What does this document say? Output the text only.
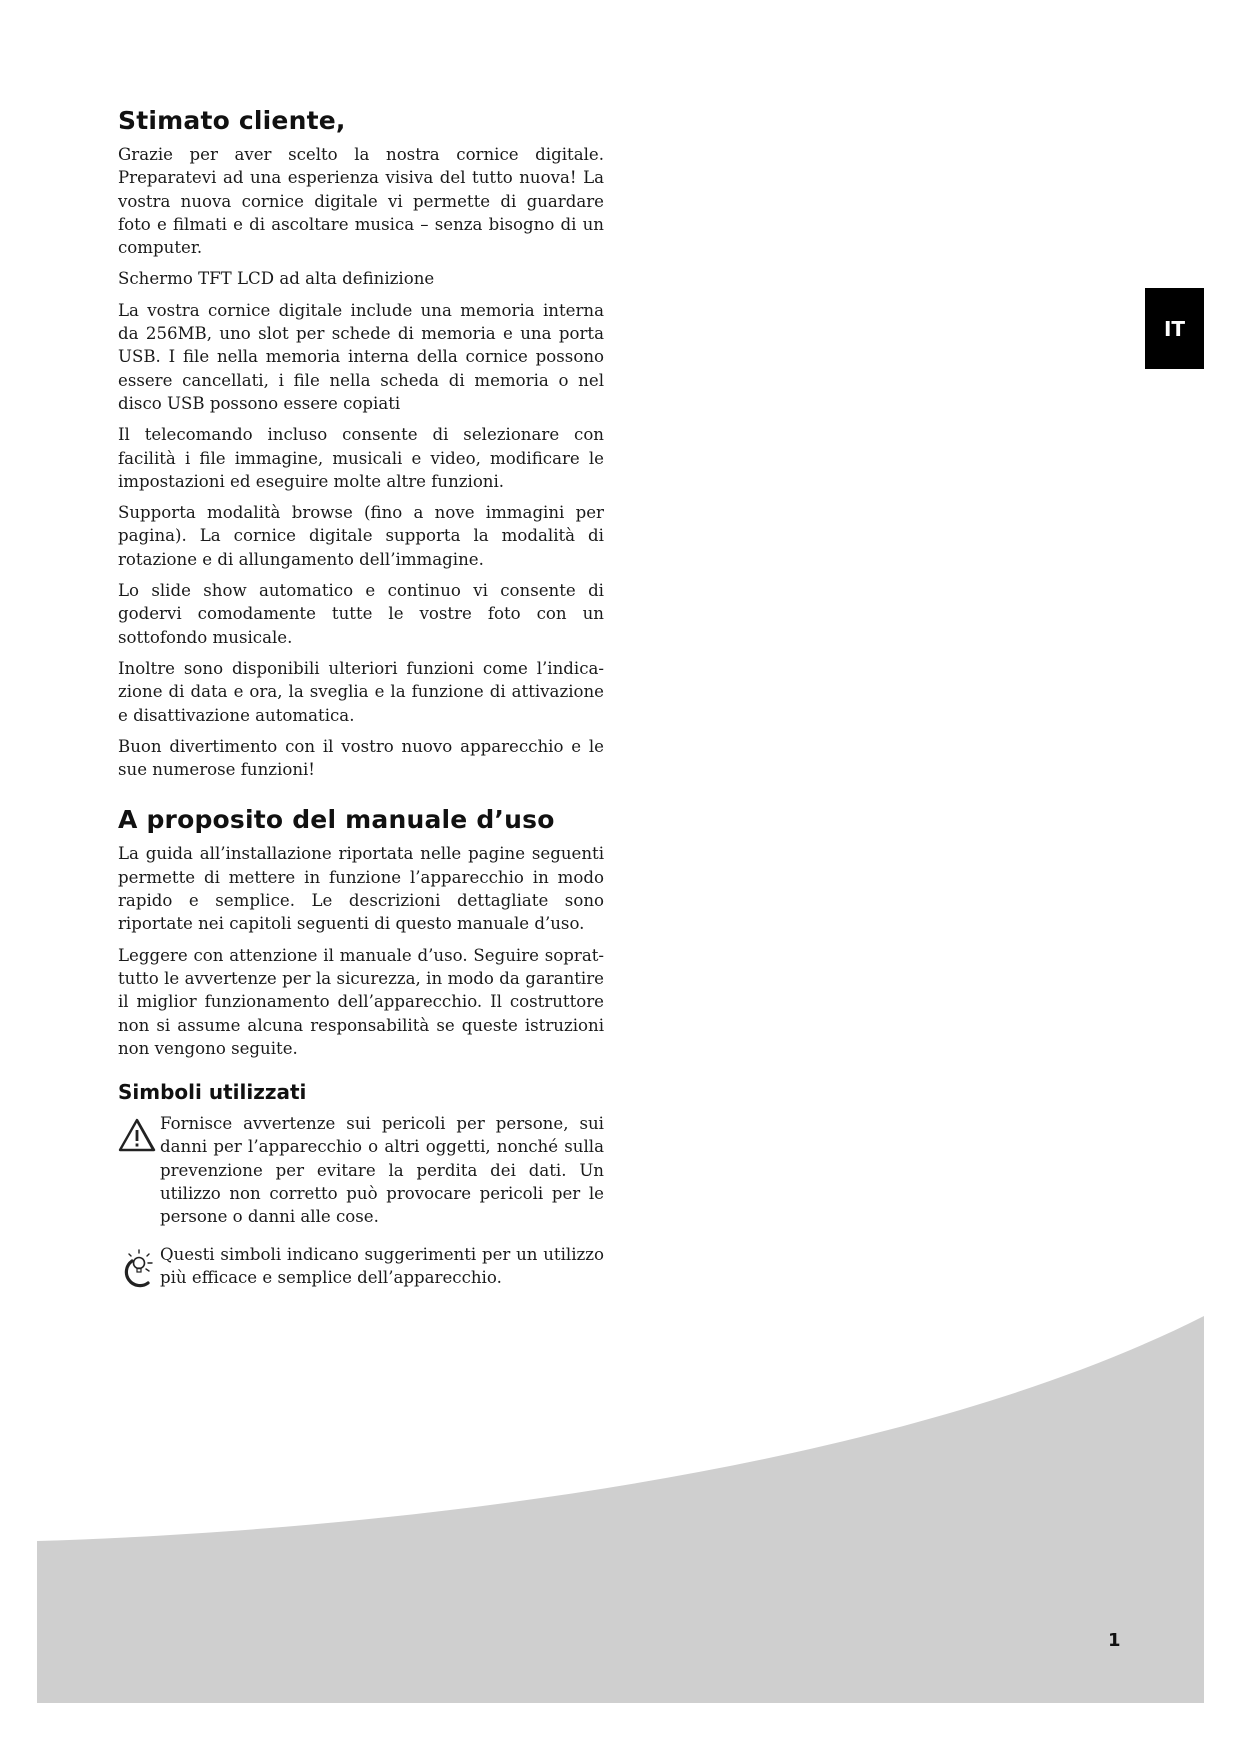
Stimato cliente,

Grazie per aver scelto la nostra cornice digitale. Preparatevi ad una esperienza visiva del tutto nuova! La vostra nuova cornice digitale vi permette di guardare foto e filmati e di ascoltare musica – senza bisogno di un computer.

Schermo TFT LCD ad alta definizione

La vostra cornice digitale include una memoria interna da 256MB, uno slot per schede di memoria e una porta USB. I file nella memoria interna della cornice possono essere cancellati, i file nella scheda di memoria o nel disco USB possono essere copiati

Il telecomando incluso consente di selezionare con facilità i file immagine, musicali e video, modificare le impostazioni ed eseguire molte altre funzioni.

Supporta modalità browse (fino a nove immagini per pagina). La cornice digitale supporta la modalità di rotazione e di allungamento dell’immagine.

Lo slide show automatico e continuo vi consente di godervi comodamente tutte le vostre foto con un sottofondo musicale.

Inoltre sono disponibili ulteriori funzioni come l’indicazione di data e ora, la sveglia e la funzione di attivazione e disattivazione automatica.

Buon divertimento con il vostro nuovo apparecchio e le sue numerose funzioni!

A proposito del manuale d’uso

La guida all’installazione riportata nelle pagine seguenti permette di mettere in funzione l’apparecchio in modo rapido e semplice. Le descrizioni dettagliate sono riportate nei capitoli seguenti di questo manuale d’uso.

Leggere con attenzione il manuale d’uso. Seguire soprattutto le avvertenze per la sicurezza, in modo da garantire il miglior funzionamento dell’apparecchio. Il costruttore non si assume alcuna responsabilità se queste istruzioni non vengono seguite.

Simboli utilizzati

Fornisce avvertenze sui pericoli per persone, sui danni per l’apparecchio o altri oggetti, nonché sulla prevenzione per evitare la perdita dei dati. Un utilizzo non corretto può provocare pericoli per le persone o danni alle cose.

Questi simboli indicano suggerimenti per un utilizzo più efficace e semplice dell’apparecchio.

IT
1
